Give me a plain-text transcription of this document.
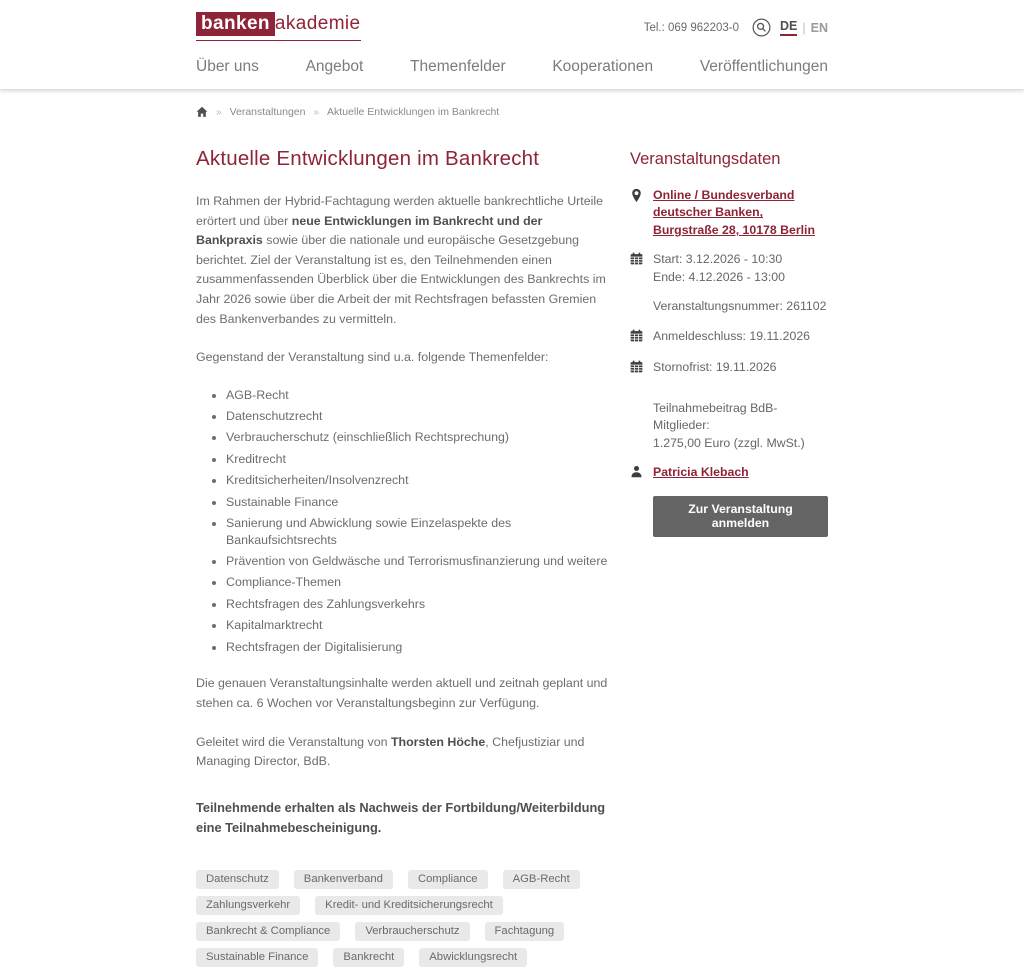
banken akademie	Tel.: 069 962203-0	DE | EN
Über uns	Angebot	Themenfelder	Kooperationen	Veröffentlichungen
» Veranstaltungen » Aktuelle Entwicklungen im Bankrecht
Aktuelle Entwicklungen im Bankrecht

Im Rahmen der Hybrid-Fachtagung werden aktuelle bankrechtliche Urteile erörtert und über neue Entwicklungen im Bankrecht und der Bankpraxis sowie über die nationale und europäische Gesetzgebung berichtet. Ziel der Veranstaltung ist es, den Teilnehmenden einen zusammenfassenden Überblick über die Entwicklungen des Bankrechts im Jahr 2026 sowie über die Arbeit der mit Rechtsfragen befassten Gremien des Bankenverbandes zu vermitteln.

Gegenstand der Veranstaltung sind u.a. folgende Themenfelder:

• AGB-Recht
• Datenschutzrecht
• Verbraucherschutz (einschließlich Rechtsprechung)
• Kreditrecht
• Kreditsicherheiten/Insolvenzrecht
• Sustainable Finance
• Sanierung und Abwicklung sowie Einzelaspekte des Bankaufsichtsrechts
• Prävention von Geldwäsche und Terrorismusfinanzierung und weitere
• Compliance-Themen
• Rechtsfragen des Zahlungsverkehrs
• Kapitalmarktrecht
• Rechtsfragen der Digitalisierung

Die genauen Veranstaltungsinhalte werden aktuell und zeitnah geplant und stehen ca. 6 Wochen vor Veranstaltungsbeginn zur Verfügung.

Geleitet wird die Veranstaltung von Thorsten Höche, Chefjustiziar und Managing Director, BdB.

Teilnehmende erhalten als Nachweis der Fortbildung/Weiterbildung eine Teilnahmebescheinigung.

Datenschutz	Bankenverband	Compliance	AGB-Recht
Zahlungsverkehr	Kredit- und Kreditsicherungsrecht
Bankrecht & Compliance	Verbraucherschutz	Fachtagung
Sustainable Finance	Bankrecht	Abwicklungsrecht
Veranstaltungsdaten
Online / Bundesverband deutscher Banken, Burgstraße 28, 10178 Berlin
Start: 3.12.2026 - 10:30
Ende: 4.12.2026 - 13:00
Veranstaltungsnummer: 261102
Anmeldeschluss: 19.11.2026
Stornofrist: 19.11.2026
Teilnahmebeitrag BdB-Mitglieder:
1.275,00 Euro (zzgl. MwSt.)
Patricia Klebach
Zur Veranstaltung anmelden
